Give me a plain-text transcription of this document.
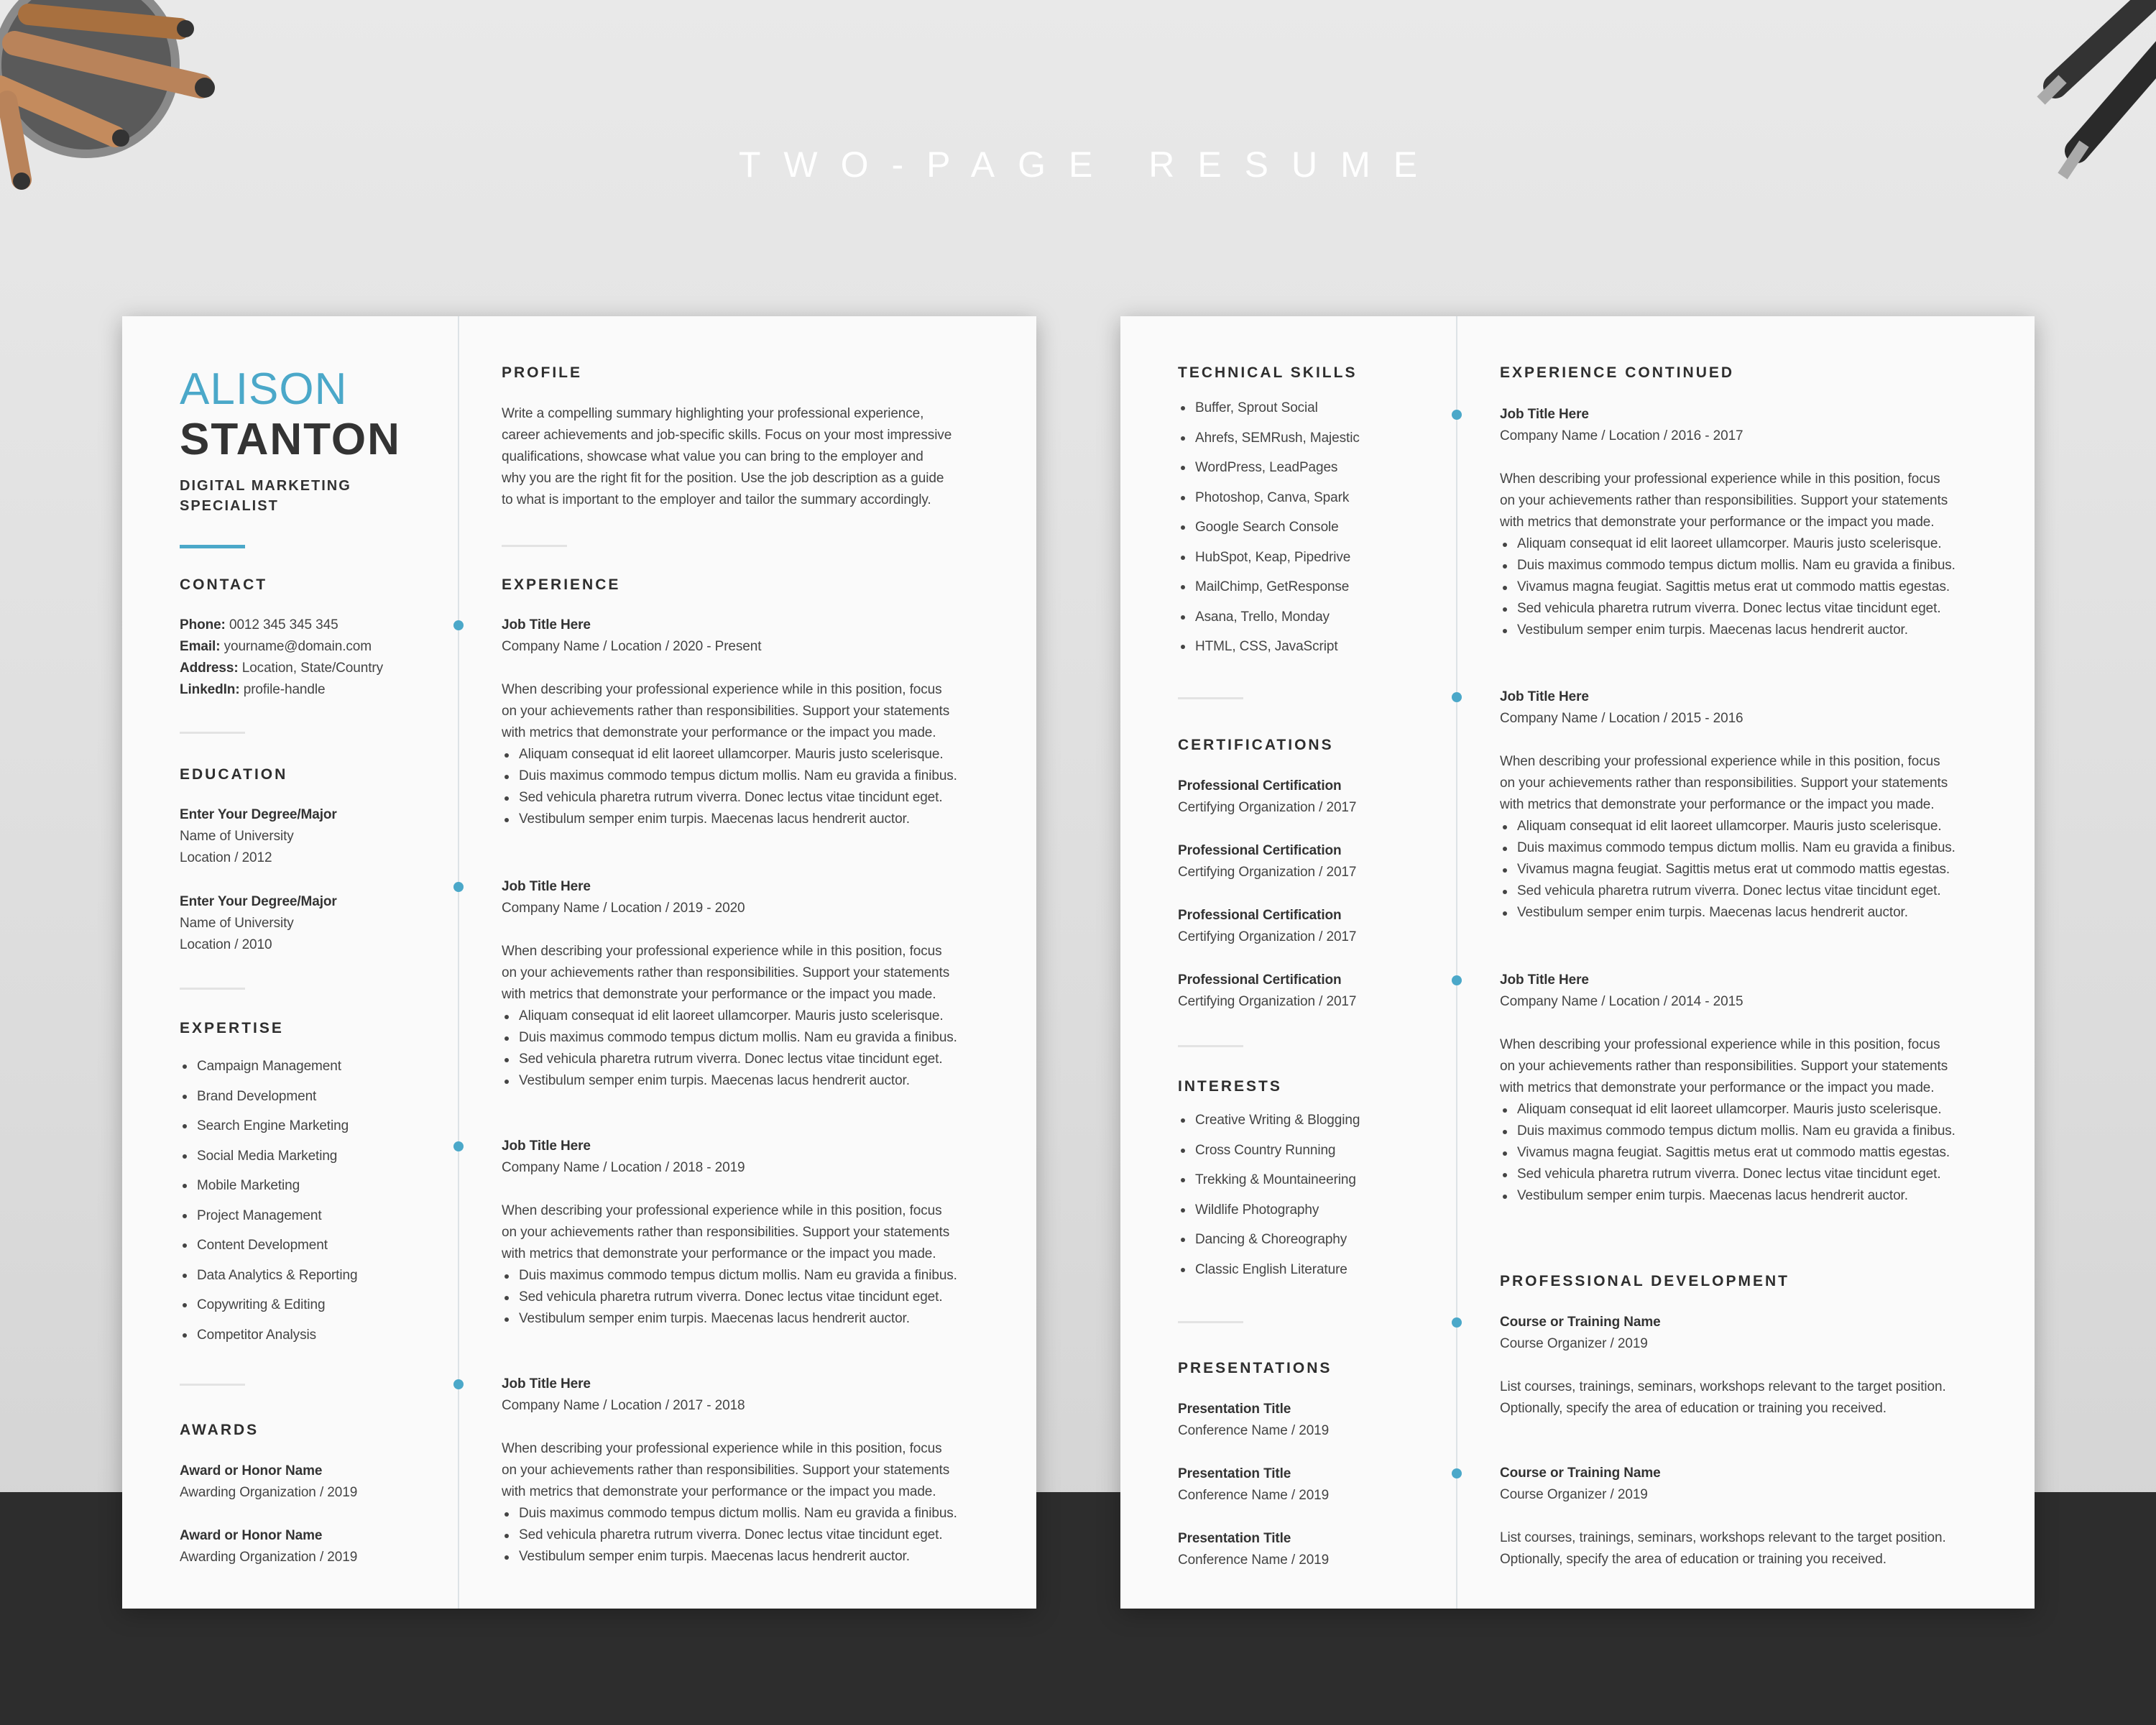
TWO-PAGE RESUME
ALISON
STANTON
DIGITAL MARKETING
SPECIALIST
CONTACT
Phone: 0012 345 345 345
Email: yourname@domain.com
Address: Location, State/Country
LinkedIn: profile-handle
EDUCATION
Enter Your Degree/Major
Name of University
Location / 2012
Enter Your Degree/Major
Name of University
Location / 2010
EXPERTISE
Campaign Management
Brand Development
Search Engine Marketing
Social Media Marketing
Mobile Marketing
Project Management
Content Development
Data Analytics & Reporting
Copywriting & Editing
Competitor Analysis
AWARDS
Award or Honor Name
Awarding Organization / 2019
Award or Honor Name
Awarding Organization / 2019
PROFILE
Write a compelling summary highlighting your professional experience,
career achievements and job-specific skills. Focus on your most impressive
qualifications, showcase what value you can bring to the employer and
why you are the right fit for the position. Use the job description as a guide
to what is important to the employer and tailor the summary accordingly.
EXPERIENCE
Job Title Here
Company Name / Location / 2020 - Present
When describing your professional experience while in this position, focus
on your achievements rather than responsibilities. Support your statements
with metrics that demonstrate your performance or the impact you made.
Aliquam consequat id elit laoreet ullamcorper. Mauris justo scelerisque.
Duis maximus commodo tempus dictum mollis. Nam eu gravida a finibus.
Sed vehicula pharetra rutrum viverra. Donec lectus vitae tincidunt eget.
Vestibulum semper enim turpis. Maecenas lacus hendrerit auctor.
Job Title Here
Company Name / Location / 2019 - 2020
When describing your professional experience while in this position, focus
on your achievements rather than responsibilities. Support your statements
with metrics that demonstrate your performance or the impact you made.
Aliquam consequat id elit laoreet ullamcorper. Mauris justo scelerisque.
Duis maximus commodo tempus dictum mollis. Nam eu gravida a finibus.
Sed vehicula pharetra rutrum viverra. Donec lectus vitae tincidunt eget.
Vestibulum semper enim turpis. Maecenas lacus hendrerit auctor.
Job Title Here
Company Name / Location / 2018 - 2019
When describing your professional experience while in this position, focus
on your achievements rather than responsibilities. Support your statements
with metrics that demonstrate your performance or the impact you made.
Duis maximus commodo tempus dictum mollis. Nam eu gravida a finibus.
Sed vehicula pharetra rutrum viverra. Donec lectus vitae tincidunt eget.
Vestibulum semper enim turpis. Maecenas lacus hendrerit auctor.
Job Title Here
Company Name / Location / 2017 - 2018
When describing your professional experience while in this position, focus
on your achievements rather than responsibilities. Support your statements
with metrics that demonstrate your performance or the impact you made.
Duis maximus commodo tempus dictum mollis. Nam eu gravida a finibus.
Sed vehicula pharetra rutrum viverra. Donec lectus vitae tincidunt eget.
Vestibulum semper enim turpis. Maecenas lacus hendrerit auctor.
TECHNICAL SKILLS
Buffer, Sprout Social
Ahrefs, SEMRush, Majestic
WordPress, LeadPages
Photoshop, Canva, Spark
Google Search Console
HubSpot, Keap, Pipedrive
MailChimp, GetResponse
Asana, Trello, Monday
HTML, CSS, JavaScript
CERTIFICATIONS
Professional Certification
Certifying Organization / 2017
Professional Certification
Certifying Organization / 2017
Professional Certification
Certifying Organization / 2017
Professional Certification
Certifying Organization / 2017
INTERESTS
Creative Writing & Blogging
Cross Country Running
Trekking & Mountaineering
Wildlife Photography
Dancing & Choreography
Classic English Literature
PRESENTATIONS
Presentation Title
Conference Name / 2019
Presentation Title
Conference Name / 2019
Presentation Title
Conference Name / 2019
EXPERIENCE CONTINUED
Job Title Here
Company Name / Location / 2016 - 2017
When describing your professional experience while in this position, focus
on your achievements rather than responsibilities. Support your statements
with metrics that demonstrate your performance or the impact you made.
Aliquam consequat id elit laoreet ullamcorper. Mauris justo scelerisque.
Duis maximus commodo tempus dictum mollis. Nam eu gravida a finibus.
Vivamus magna feugiat. Sagittis metus erat ut commodo mattis egestas.
Sed vehicula pharetra rutrum viverra. Donec lectus vitae tincidunt eget.
Vestibulum semper enim turpis. Maecenas lacus hendrerit auctor.
Job Title Here
Company Name / Location / 2015 - 2016
When describing your professional experience while in this position, focus
on your achievements rather than responsibilities. Support your statements
with metrics that demonstrate your performance or the impact you made.
Aliquam consequat id elit laoreet ullamcorper. Mauris justo scelerisque.
Duis maximus commodo tempus dictum mollis. Nam eu gravida a finibus.
Vivamus magna feugiat. Sagittis metus erat ut commodo mattis egestas.
Sed vehicula pharetra rutrum viverra. Donec lectus vitae tincidunt eget.
Vestibulum semper enim turpis. Maecenas lacus hendrerit auctor.
Job Title Here
Company Name / Location / 2014 - 2015
When describing your professional experience while in this position, focus
on your achievements rather than responsibilities. Support your statements
with metrics that demonstrate your performance or the impact you made.
Aliquam consequat id elit laoreet ullamcorper. Mauris justo scelerisque.
Duis maximus commodo tempus dictum mollis. Nam eu gravida a finibus.
Vivamus magna feugiat. Sagittis metus erat ut commodo mattis egestas.
Sed vehicula pharetra rutrum viverra. Donec lectus vitae tincidunt eget.
Vestibulum semper enim turpis. Maecenas lacus hendrerit auctor.
PROFESSIONAL DEVELOPMENT
Course or Training Name
Course Organizer / 2019
List courses, trainings, seminars, workshops relevant to the target position.
Optionally, specify the area of education or training you received.
Course or Training Name
Course Organizer / 2019
List courses, trainings, seminars, workshops relevant to the target position.
Optionally, specify the area of education or training you received.
